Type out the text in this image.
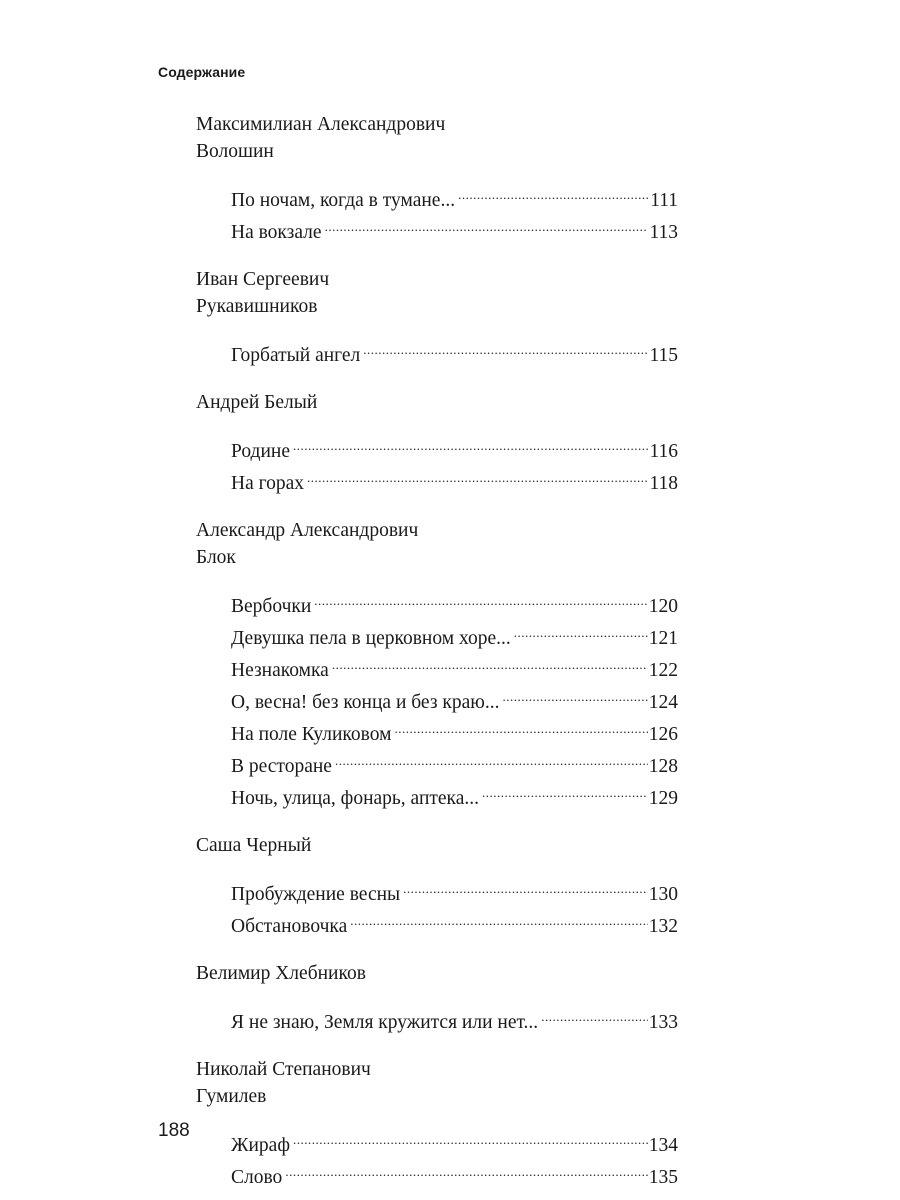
Содержание
Максимилиан Александрович
Волошин
По ночам, когда в тумане... .....	111
На вокзале .....	113
Иван Сергеевич
Рукавишников
Горбатый ангел .....	115
Андрей Белый
Родине .....	116
На горах .....	118
Александр Александрович
Блок
Вербочки .....	120
Девушка пела в церковном хоре... .....	121
Незнакомка .....	122
О, весна! без конца и без краю... .....	124
На поле Куликовом .....	126
В ресторане .....	128
Ночь, улица, фонарь, аптека... .....	129
Саша Черный
Пробуждение весны .....	130
Обстановочка .....	132
Велимир Хлебников
Я не знаю, Земля кружится или нет... .....	133
Николай Степанович
Гумилев
Жираф .....	134
Слово .....	135
188
